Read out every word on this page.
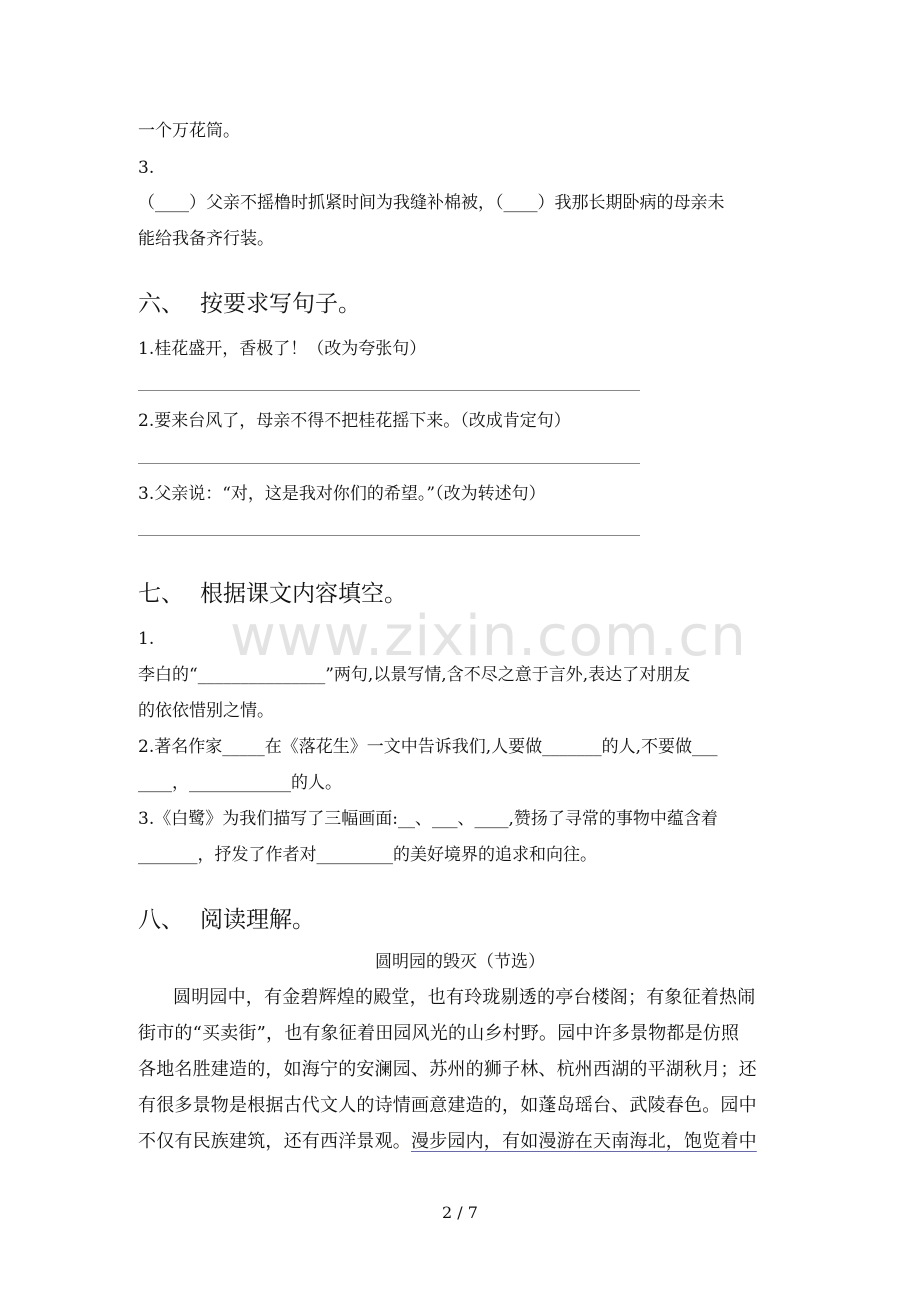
www.zixin.com.cn
一个万花筒。
3.
（____）父亲不摇橹时抓紧时间为我缝补棉被，（____）我那长期卧病的母亲未
能给我备齐行装。
六、 按要求写句子。
1.桂花盛开，香极了！（改为夸张句）
2.要来台风了，母亲不得不把桂花摇下来。（改成肯定句）
3.父亲说：“对，这是我对你们的希望。”（改为转述句）
七、 根据课文内容填空。
1.
李白的“_______________”两句,以景写情,含不尽之意于言外,表达了对朋友
的依依惜别之情。
2.著名作家_____在《落花生》一文中告诉我们,人要做_______的人,不要做___
____，____________的人。
3.《白鹭》为我们描写了三幅画面:__、___、____,赞扬了寻常的事物中蕴含着
_______，抒发了作者对_________的美好境界的追求和向往。
八、 阅读理解。
圆明园的毁灭（节选）
圆明园中，有金碧辉煌的殿堂，也有玲珑剔透的亭台楼阁；有象征着热闹
街市的“买卖街”，也有象征着田园风光的山乡村野。园中许多景物都是仿照
各地名胜建造的，如海宁的安澜园、苏州的狮子林、杭州西湖的平湖秋月；还
有很多景物是根据古代文人的诗情画意建造的，如蓬岛瑶台、武陵春色。园中
不仅有民族建筑，还有西洋景观。漫步园内，有如漫游在天南海北，饱览着中
2 / 7
